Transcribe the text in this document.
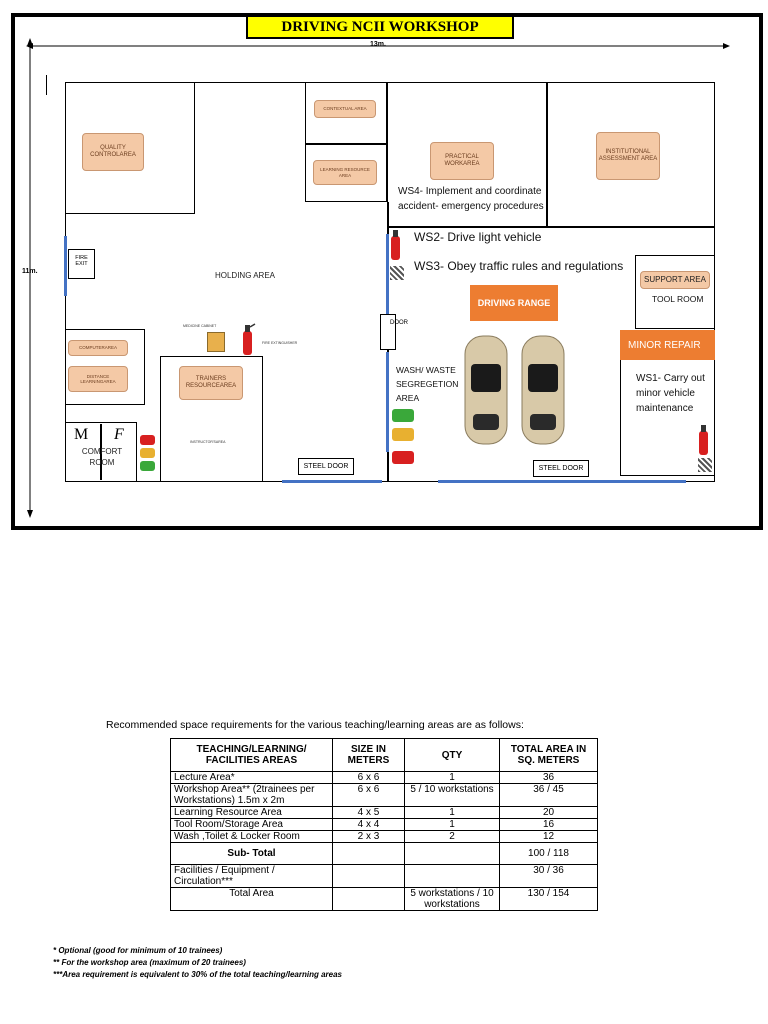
DRIVING NCII WORKSHOP
13m.
11m.
QUALITY CONTROLAREA
CONTEXTUAL AREA
LEARNING RESOURCE AREA
PRACTICAL WORKAREA
WS4- Implement and coordinate accident- emergency procedures
INSTITUTIONAL ASSESSMENT AREA
HOLDING AREA
FIRE EXIT
COMPUTERAREA
DISTANCE LEARNINGAREA	TRAINERS RESOURCEAREA
INSTRUCTOR'SAREA
MEDICINE CABINET
FIRE EXTINGUISHER
M F
COMFORT ROOM	STEEL DOOR	STEEL DOOR
DOOR
WS2- Drive light vehicle
WS3- Obey traffic rules and regulations
DRIVING RANGE
WASH/ WASTE SEGREGETION AREA
SUPPORT AREA
TOOL ROOM
MINOR REPAIR
WS1- Carry out minor vehicle maintenance
Recommended space requirements for the various teaching/learning areas are as follows:
TEACHING/LEARNING/ FACILITIES AREAS	SIZE IN METERS	QTY	TOTAL AREA IN SQ. METERS
Lecture Area*	6 x 6	1	36
Workshop Area** (2trainees per Workstations) 1.5m x 2m	6 x 6	5 / 10 workstations	36 / 45
Learning Resource Area	4 x 5	1	20
Tool Room/Storage Area	4 x 4	1	16
Wash ,Toilet & Locker Room	2 x 3	2	12
Sub- Total			100 / 118
Facilities / Equipment / Circulation***			30 / 36
Total Area		5 workstations / 10 workstations	130 / 154
* Optional (good for minimum of 10 trainees)
** For the workshop area (maximum of 20 trainees)
***Area requirement is equivalent to 30% of the total teaching/learning areas
